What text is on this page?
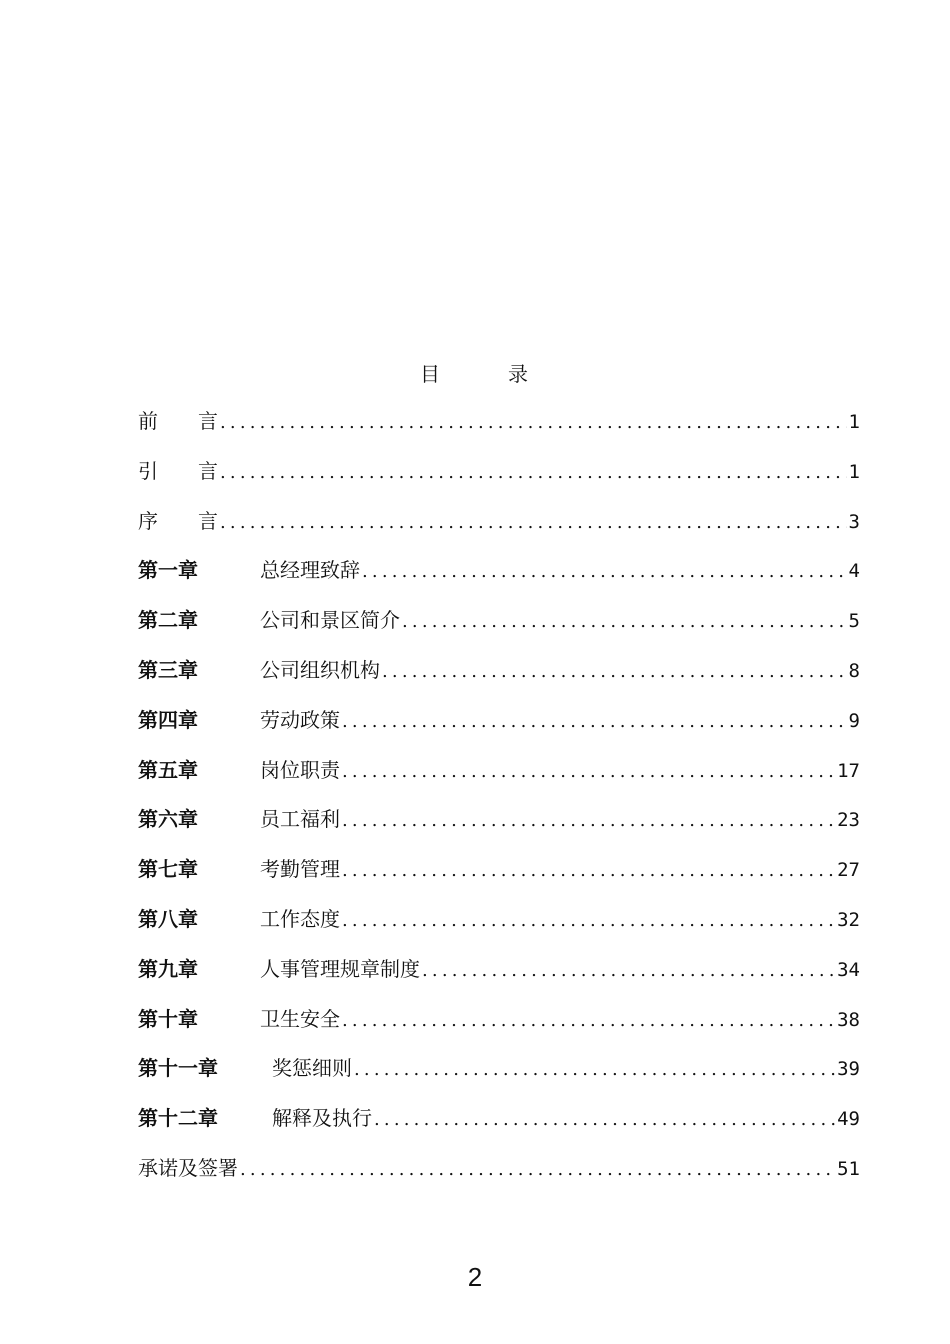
目　　　录
前　　言 .....	1
引　　言 .....	1
序　　言 .....	3
第一章	总经理致辞 .....	4
第二章	公司和景区简介 .....	5
第三章	公司组织机构 .....	8
第四章	劳动政策 .....	9
第五章	岗位职责 .....	17
第六章	员工福利 .....	23
第七章	考勤管理 .....	27
第八章	工作态度 .....	32
第九章	人事管理规章制度 .....	34
第十章	卫生安全 .....	38
第十一章	奖惩细则 .....	39
第十二章	解释及执行 .....	49
承诺及签署 .....	51
2
